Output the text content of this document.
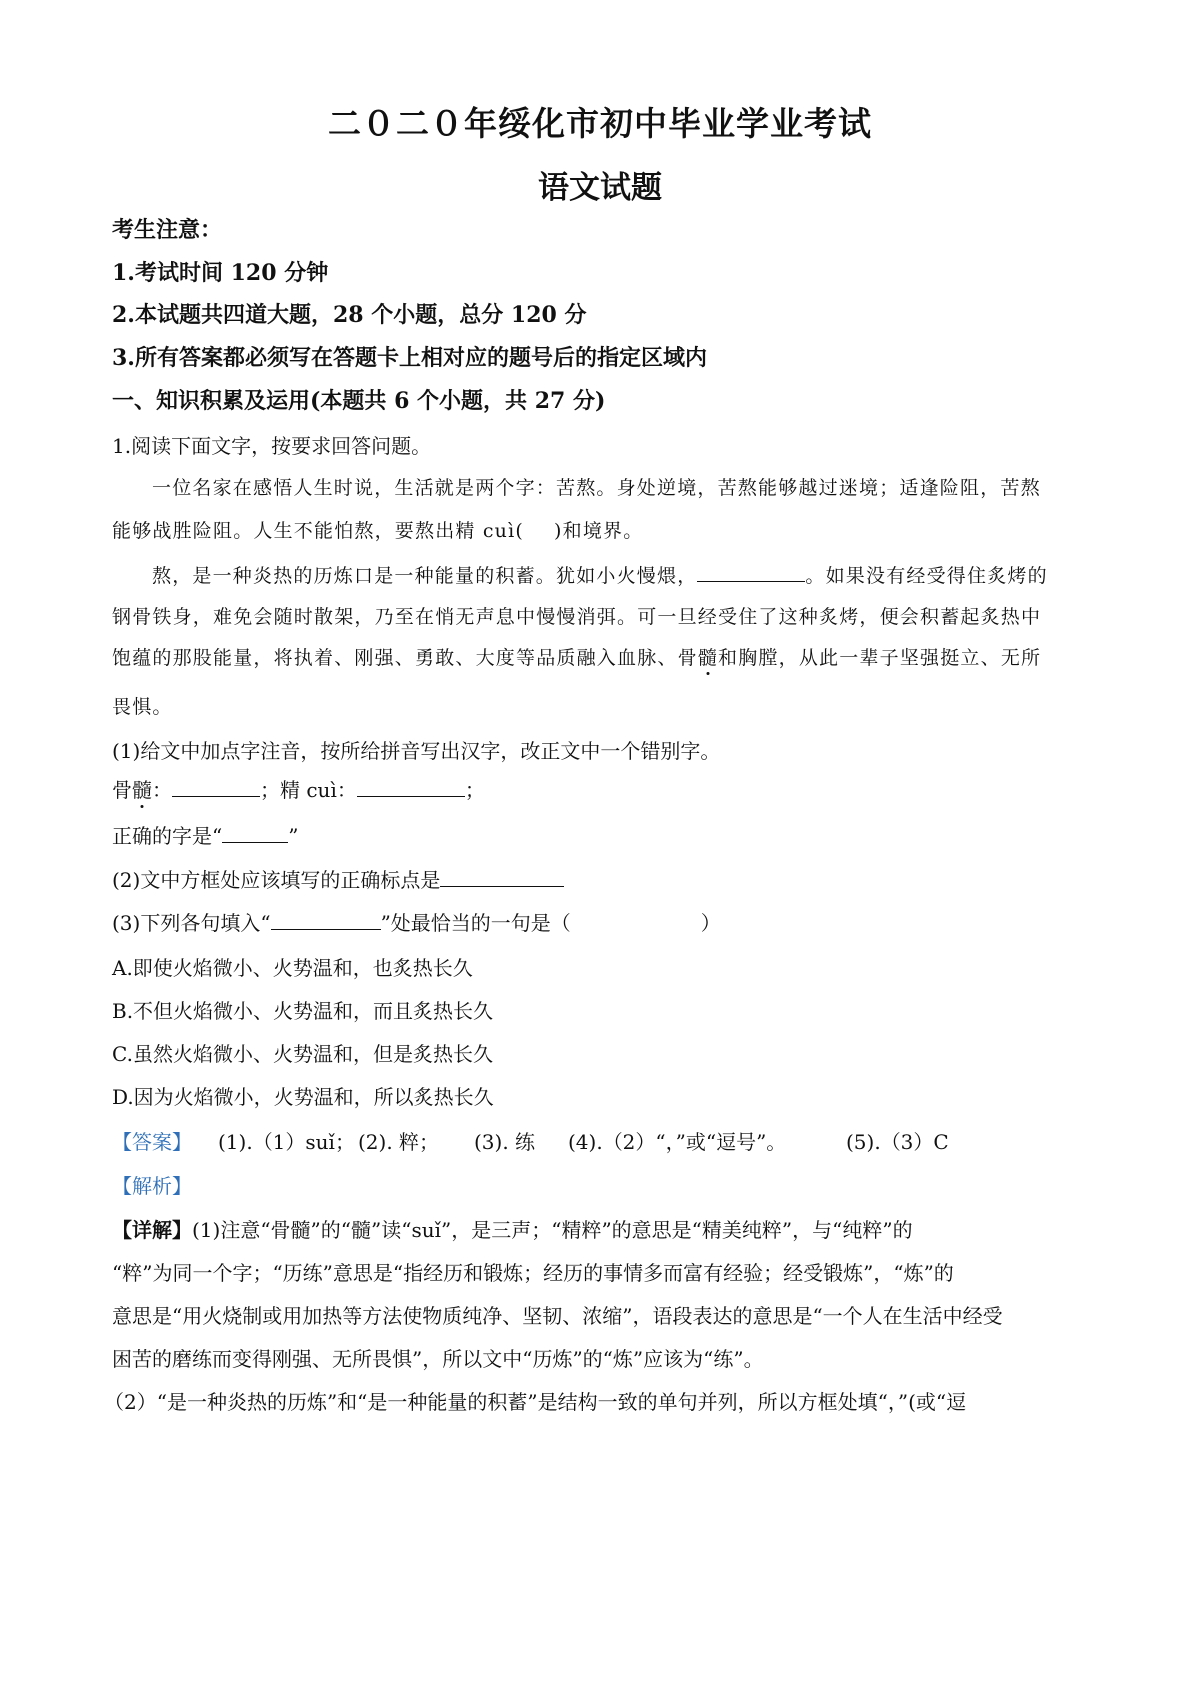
二０二０年绥化市初中毕业学业考试
语文试题
考生注意：
1.考试时间 120 分钟
2.本试题共四道大题，28 个小题，总分 120 分
3.所有答案都必须写在答题卡上相对应的题号后的指定区域内
一、知识积累及运用(本题共 6 个小题，共 27 分)
1.阅读下面文字，按要求回答问题。
一位名家在感悟人生时说，生活就是两个字：苦熬。身处逆境，苦熬能够越过迷境；适逢险阻，苦熬
能够战胜险阻。人生不能怕熬，要熬出精 cuì( )和境界。
熬，是一种炎热的历炼口是一种能量的积蓄。犹如小火慢煨，	。如果没有经受得住炙烤的
钢骨铁身，难免会随时散架，乃至在悄无声息中慢慢消弭。可一旦经受住了这种炙烤，便会积蓄起炙热中
饱蕴的那股能量，将执着、刚强、勇敢、大度等品质融入血脉、骨髓和胸膛，从此一辈子坚强挺立、无所
畏惧。
(1)给文中加点字注音，按所给拼音写出汉字，改正文中一个错别字。
骨髓：	；精 cuì：	；
正确的字是“	”
(2)文中方框处应该填写的正确标点是
(3)下列各句填入“	”处最恰当的一句是（	）
A.即使火焰微小、火势温和，也炙热长久
B.不但火焰微小、火势温和，而且炙热长久
C.虽然火焰微小、火势温和，但是炙热长久
D.因为火焰微小，火势温和，所以炙热长久
【答案】 (1).（1）suǐ； (2). 粹； (3). 练 (4).（2）“，”或“逗号”。	(5).（3）C
【解析】
【详解】(1)注意“骨髓”的“髓”读“suǐ”，是三声；“精粹”的意思是“精美纯粹”，与“纯粹”的
“粹”为同一个字；“历练”意思是“指经历和锻炼；经历的事情多而富有经验；经受锻炼”，“炼”的
意思是“用火烧制或用加热等方法使物质纯净、坚韧、浓缩”，语段表达的意思是“一个人在生活中经受
困苦的磨练而变得刚强、无所畏惧”，所以文中“历炼”的“炼”应该为“练”。
（2）“是一种炎热的历炼”和“是一种能量的积蓄”是结构一致的单句并列，所以方框处填“，”(或“逗
